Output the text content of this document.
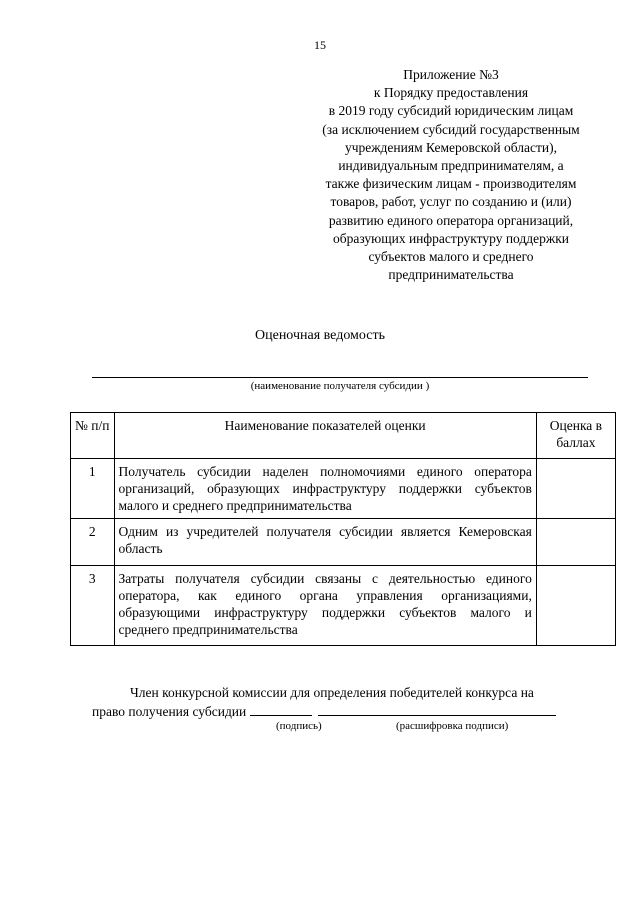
15
Приложение №3
к Порядку предоставления
в 2019 году субсидий юридическим лицам
(за исключением субсидий государственным
учреждениям Кемеровской области),
индивидуальным предпринимателям, а
также физическим лицам - производителям
товаров, работ, услуг по созданию и (или)
развитию единого оператора организаций,
образующих инфраструктуру поддержки
субъектов малого и среднего
предпринимательства
Оценочная ведомость
(наименование получателя субсидии )
№ п/п	Наименование показателей оценки	Оценка в баллах
1	Получатель субсидии наделен полномочиями единого оператора организаций, образующих инфраструктуру поддержки субъектов малого и среднего предпринимательства	
2	Одним из учредителей получателя субсидии является Кемеровская область	
3	Затраты получателя субсидии связаны с деятельностью единого оператора, как единого органа управления организациями, образующими инфраструктуру поддержки субъектов малого и среднего предпринимательства	
Член конкурсной комиссии для определения победителей конкурса на
право получения субсидии
(подпись)	(расшифровка подписи)
